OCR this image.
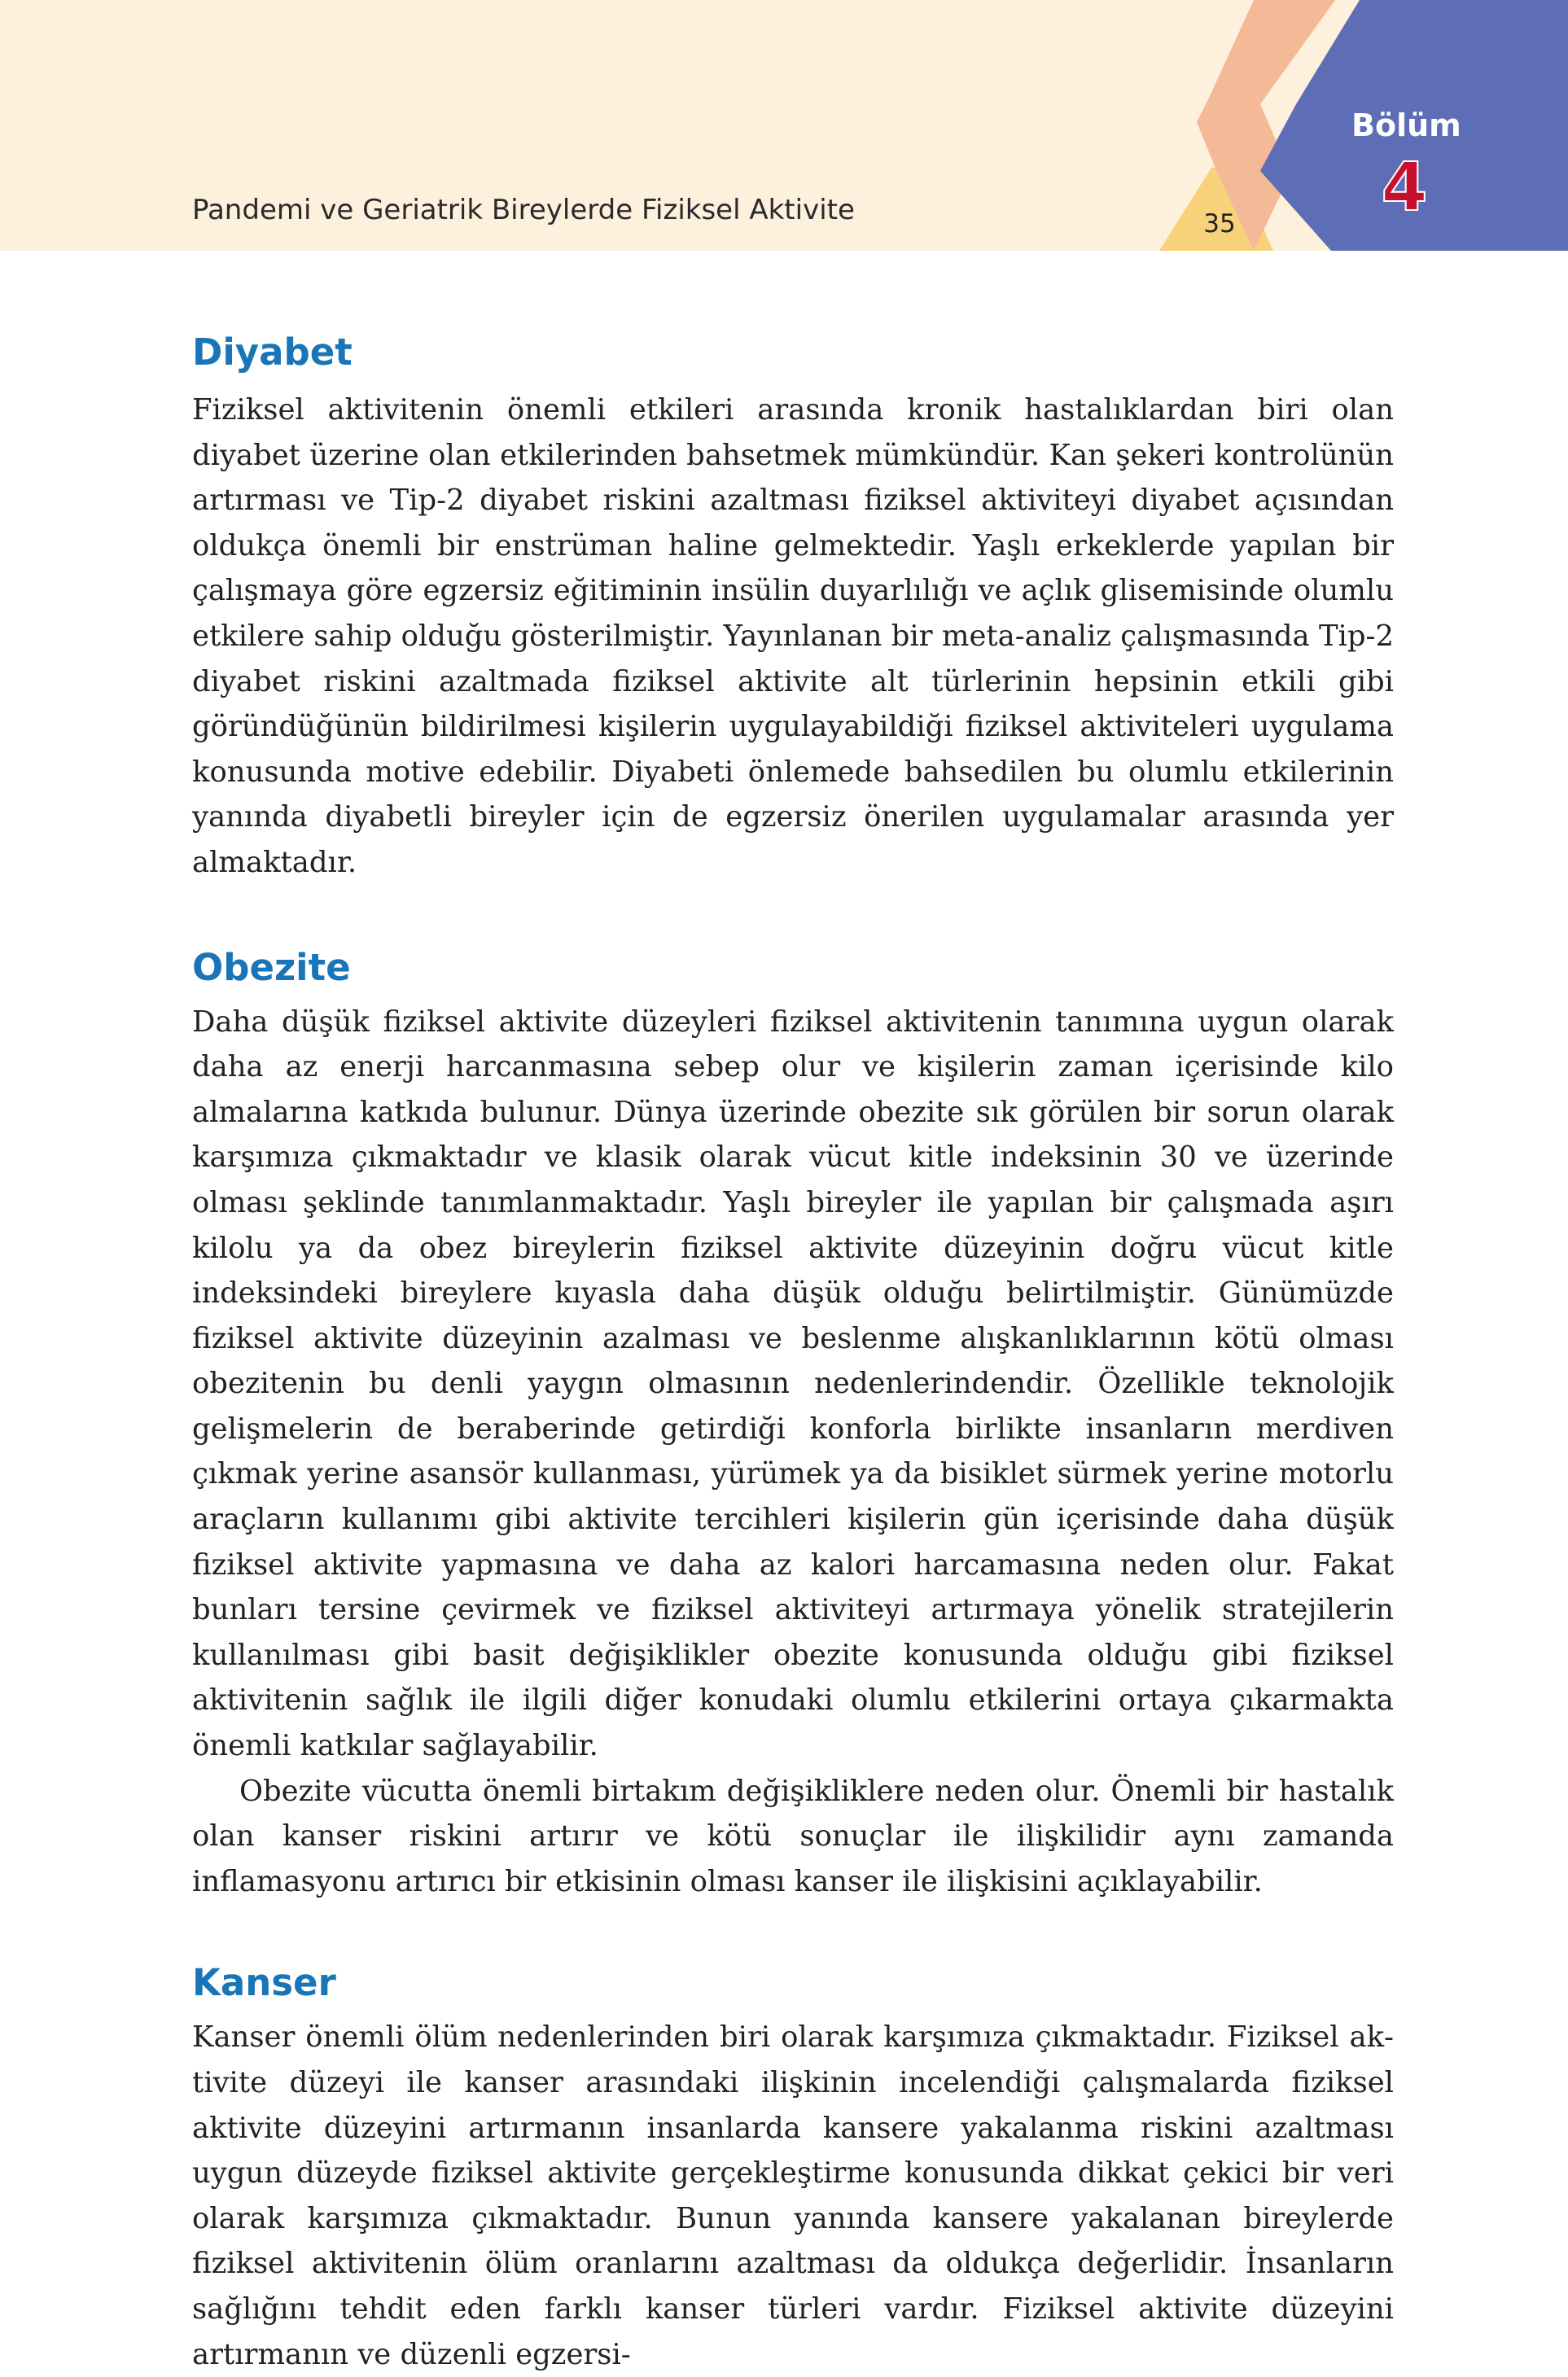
Pandemi ve Geriatrik Bireylerde Fiziksel Aktivite	35
Bölüm
4
Diyabet

Fiziksel aktivitenin önemli etkileri arasında kronik hastalıklardan biri olan diyabet üzerine olan etkilerinden bahsetmek mümkündür. Kan şekeri kontrolünün artırması ve Tip-2 diyabet riskini azaltması fiziksel aktiviteyi diyabet açısından oldukça önemli bir enstrüman haline gelmektedir. Yaşlı erkeklerde yapılan bir çalışmaya göre egzersiz eğitiminin insülin duyarlılığı ve açlık glisemisinde olumlu etkilere sahip olduğu gösterilmiştir. Yayınlanan bir meta-analiz çalışmasında Tip-2 diyabet riskini azaltmada fiziksel aktivite alt türlerinin hepsinin etkili gibi göründüğünün bildirilmesi kişilerin uygulayabildiği fiziksel aktiviteleri uygulama konusunda motive edebilir. Diyabeti önlemede bahsedilen bu olumlu etkilerinin yanında diyabetli bireyler için de egzersiz önerilen uygulamalar arasında yer almaktadır.

Obezite

Daha düşük fiziksel aktivite düzeyleri fiziksel aktivitenin tanımına uygun olarak daha az enerji harcanmasına sebep olur ve kişilerin zaman içerisinde kilo almalarına katkıda bulunur. Dünya üzerinde obezite sık görülen bir sorun olarak karşımıza çıkmaktadır ve klasik olarak vücut kitle indeksinin 30 ve üzerinde olması şeklinde tanımlanmaktadır. Yaşlı bireyler ile yapılan bir çalışmada aşırı kilolu ya da obez bireylerin fiziksel aktivite düzeyinin doğru vücut kitle indeksindeki bireylere kıyasla daha düşük olduğu belirtilmiştir. Günümüzde fiziksel aktivite düzeyinin azalması ve beslenme alışkanlıklarının kötü olması obezitenin bu denli yaygın olmasının nedenlerindendir. Özellikle teknolojik gelişmelerin de beraberinde getirdiği konforla birlikte insanların merdiven çıkmak yerine asansör kullanması, yürümek ya da bisiklet sürmek yerine motorlu araçların kullanımı gibi aktivite tercihleri kişilerin gün içerisinde daha düşük fiziksel aktivite yapmasına ve daha az kalori harcamasına neden olur. Fakat bunları tersine çevirmek ve fiziksel aktiviteyi artırmaya yönelik stratejilerin kullanılması gibi basit değişiklikler obezite konusunda olduğu gibi fiziksel aktivitenin sağlık ile ilgili diğer konudaki olumlu etkilerini ortaya çıkarmakta önemli katkılar sağlayabilir.

Obezite vücutta önemli birtakım değişikliklere neden olur. Önemli bir hastalık olan kanser riskini artırır ve kötü sonuçlar ile ilişkilidir aynı zamanda inflamasyonu artırıcı bir etkisinin olması kanser ile ilişkisini açıklayabilir.

Kanser

Kanser önemli ölüm nedenlerinden biri olarak karşımıza çıkmaktadır. Fiziksel aktivite düzeyi ile kanser arasındaki ilişkinin incelendiği çalışmalarda fiziksel aktivite düzeyini artırmanın insanlarda kansere yakalanma riskini azaltması uygun düzeyde fiziksel aktivite gerçekleştirme konusunda dikkat çekici bir veri olarak karşımıza çıkmaktadır. Bunun yanında kansere yakalanan bireylerde fiziksel aktivitenin ölüm oranlarını azaltması da oldukça değerlidir. İnsanların sağlığını tehdit eden farklı kanser türleri vardır. Fiziksel aktivite düzeyini artırmanın ve düzenli egzersi-
